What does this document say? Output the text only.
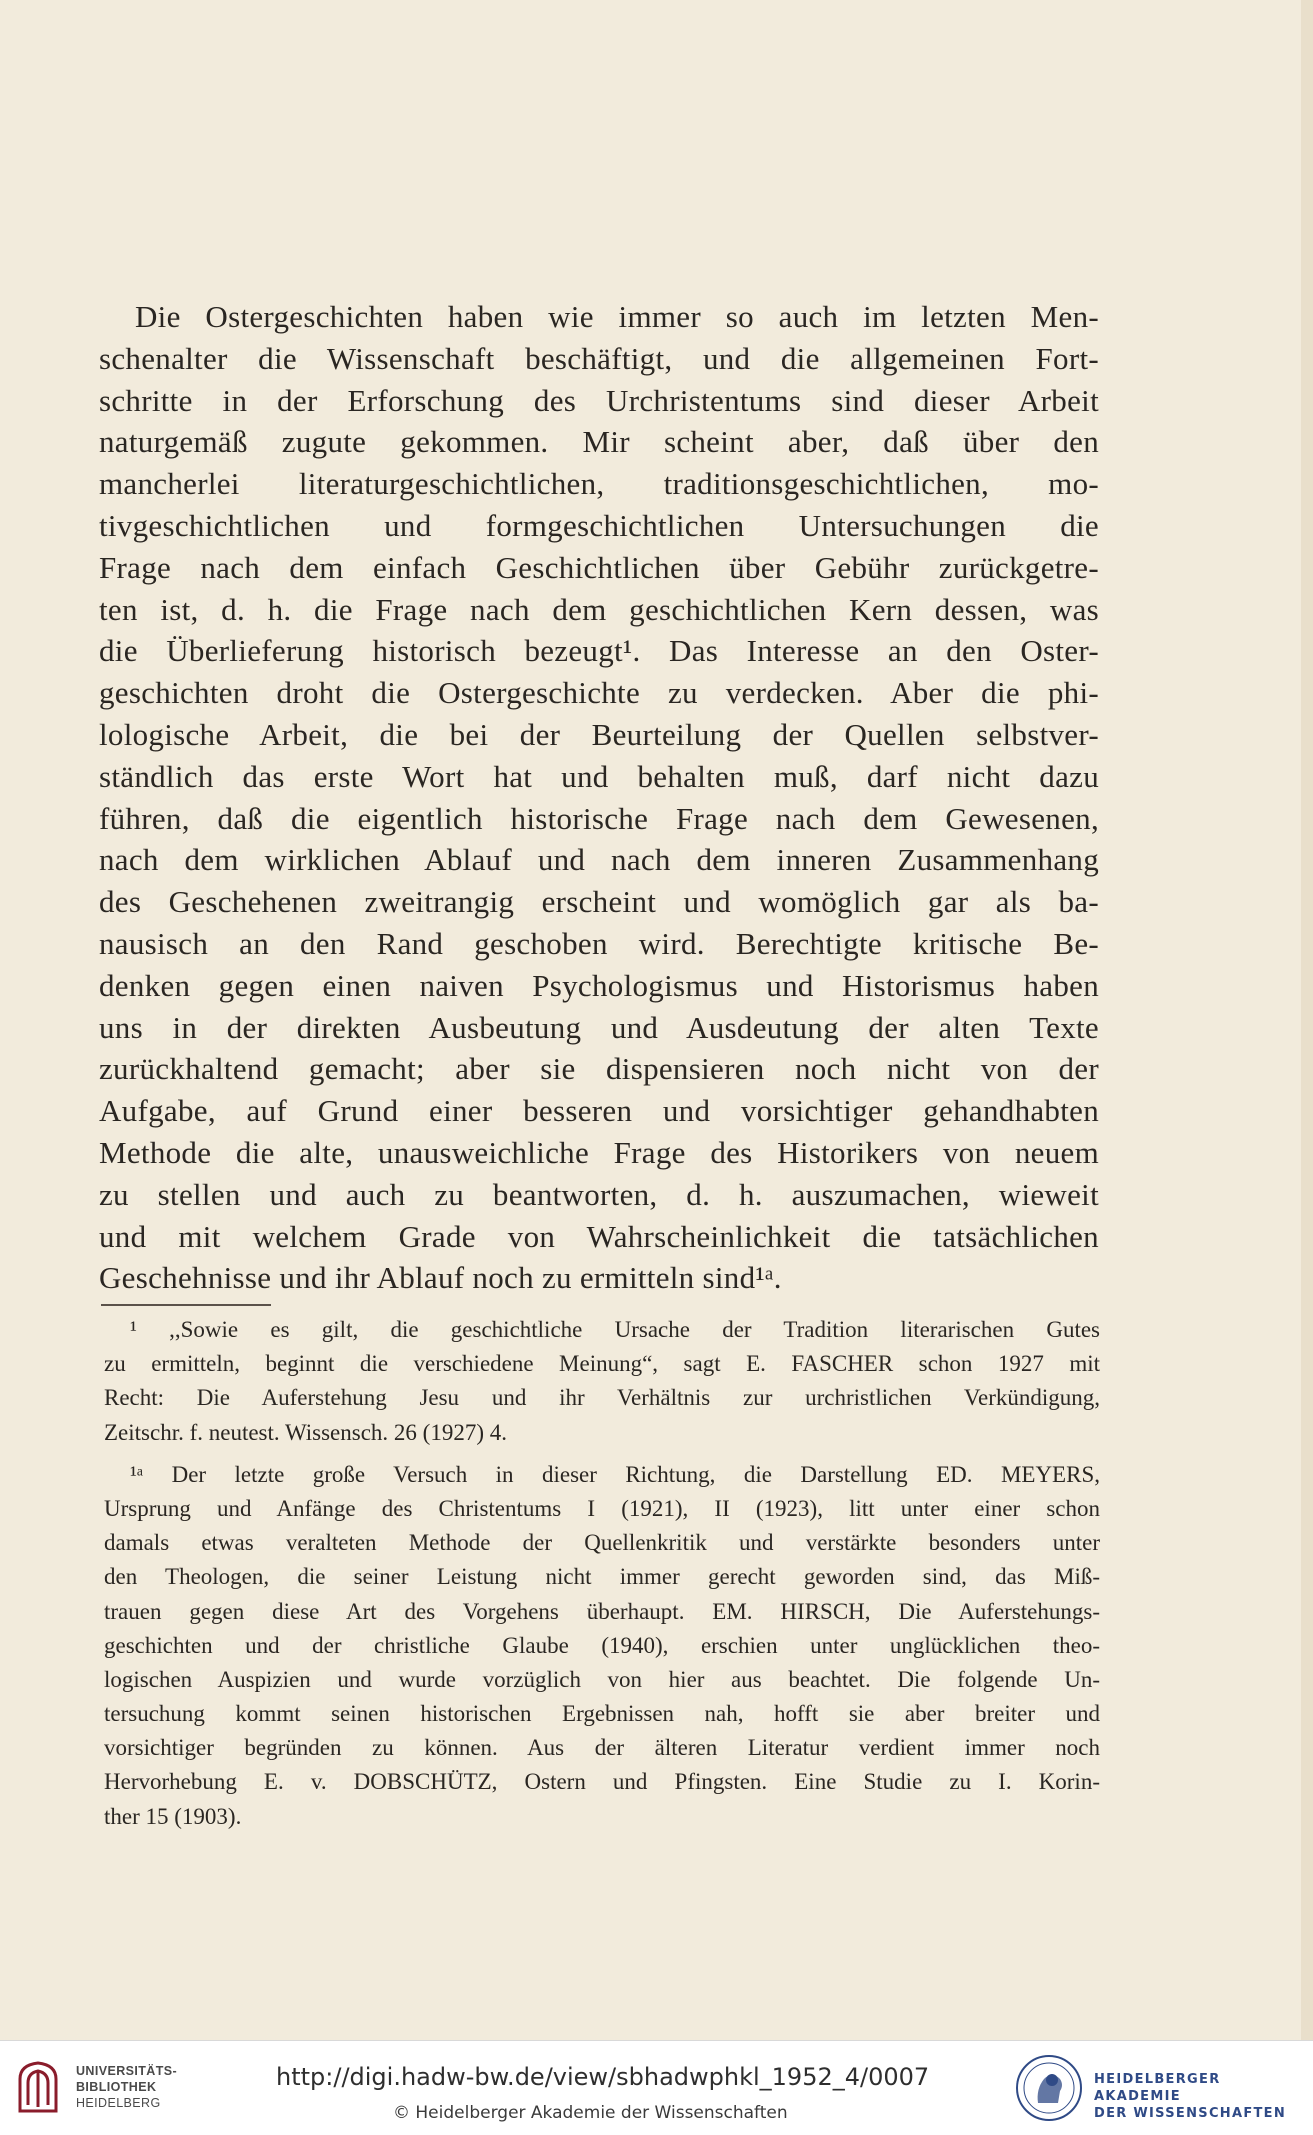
Die Ostergeschichten haben wie immer so auch im letzten Men-
schenalter die Wissenschaft beschäftigt, und die allgemeinen Fort-
schritte in der Erforschung des Urchristentums sind dieser Arbeit
naturgemäß zugute gekommen. Mir scheint aber, daß über den
mancherlei literaturgeschichtlichen, traditionsgeschichtlichen, mo-
tivgeschichtlichen und formgeschichtlichen Untersuchungen die
Frage nach dem einfach Geschichtlichen über Gebühr zurückgetre-
ten ist, d. h. die Frage nach dem geschichtlichen Kern dessen, was
die Überlieferung historisch bezeugt¹. Das Interesse an den Oster-
geschichten droht die Ostergeschichte zu verdecken. Aber die phi-
lologische Arbeit, die bei der Beurteilung der Quellen selbstver-
ständlich das erste Wort hat und behalten muß, darf nicht dazu
führen, daß die eigentlich historische Frage nach dem Gewesenen,
nach dem wirklichen Ablauf und nach dem inneren Zusammenhang
des Geschehenen zweitrangig erscheint und womöglich gar als ba-
nausisch an den Rand geschoben wird. Berechtigte kritische Be-
denken gegen einen naiven Psychologismus und Historismus haben
uns in der direkten Ausbeutung und Ausdeutung der alten Texte
zurückhaltend gemacht; aber sie dispensieren noch nicht von der
Aufgabe, auf Grund einer besseren und vorsichtiger gehandhabten
Methode die alte, unausweichliche Frage des Historikers von neuem
zu stellen und auch zu beantworten, d. h. auszumachen, wieweit
und mit welchem Grade von Wahrscheinlichkeit die tatsächlichen
Geschehnisse und ihr Ablauf noch zu ermitteln sind¹ᵃ.
¹ ,,Sowie es gilt, die geschichtliche Ursache der Tradition literarischen Gutes
zu ermitteln, beginnt die verschiedene Meinung“, sagt E. FASCHER schon 1927 mit
Recht: Die Auferstehung Jesu und ihr Verhältnis zur urchristlichen Verkündigung,
Zeitschr. f. neutest. Wissensch. 26 (1927) 4.
¹ᵃ Der letzte große Versuch in dieser Richtung, die Darstellung ED. MEYERS,
Ursprung und Anfänge des Christentums I (1921), II (1923), litt unter einer schon
damals etwas veralteten Methode der Quellenkritik und verstärkte besonders unter
den Theologen, die seiner Leistung nicht immer gerecht geworden sind, das Miß-
trauen gegen diese Art des Vorgehens überhaupt. EM. HIRSCH, Die Auferstehungs-
geschichten und der christliche Glaube (1940), erschien unter unglücklichen theo-
logischen Auspizien und wurde vorzüglich von hier aus beachtet. Die folgende Un-
tersuchung kommt seinen historischen Ergebnissen nah, hofft sie aber breiter und
vorsichtiger begründen zu können. Aus der älteren Literatur verdient immer noch
Hervorhebung E. v. DOBSCHÜTZ, Ostern und Pfingsten. Eine Studie zu I. Korin-
ther 15 (1903).
UNIVERSITÄTS-
BIBLIOTHEK
HEIDELBERG
http://digi.hadw-bw.de/view/sbhadwphkl_1952_4/0007
© Heidelberger Akademie der Wissenschaften
HEIDELBERGER AKADEMIE
DER WISSENSCHAFTEN
